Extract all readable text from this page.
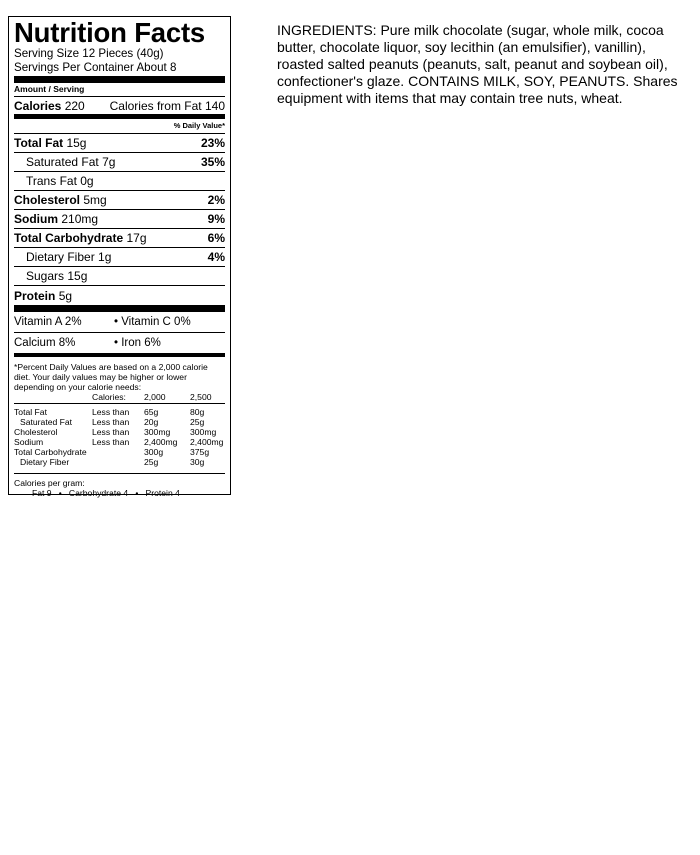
Nutrition Facts
Serving Size 12 Pieces (40g)
Servings Per Container About 8
Amount / Serving
Calories 220 Calories from Fat 140
% Daily Value*
Total Fat 15g	23%
Saturated Fat 7g	35%
Trans Fat 0g
Cholesterol 5mg	2%
Sodium 210mg	9%
Total Carbohydrate 17g	6%
Dietary Fiber 1g	4%
Sugars 15g
Protein 5g
Vitamin A 2%	• Vitamin C 0%
Calcium 8%	• Iron 6%
*Percent Daily Values are based on a 2,000 calorie diet. Your daily values may be higher or lower depending on your calorie needs:
	Calories:	2,000	2,500
Total Fat	Less than	65g	80g
Saturated Fat	Less than	20g	25g
Cholesterol	Less than	300mg	300mg
Sodium	Less than	2,400mg	2,400mg
Total Carbohydrate		300g	375g
Dietary Fiber		25g	30g
Calories per gram:
Fat 9   •   Carbohydrate 4   •   Protein 4
INGREDIENTS: Pure milk chocolate (sugar, whole milk, cocoa butter, chocolate liquor, soy lecithin (an emulsifier), vanillin), roasted salted peanuts (peanuts, salt, peanut and soybean oil), confectioner's glaze. CONTAINS MILK, SOY, PEANUTS. Shares equipment with items that may contain tree nuts, wheat.
